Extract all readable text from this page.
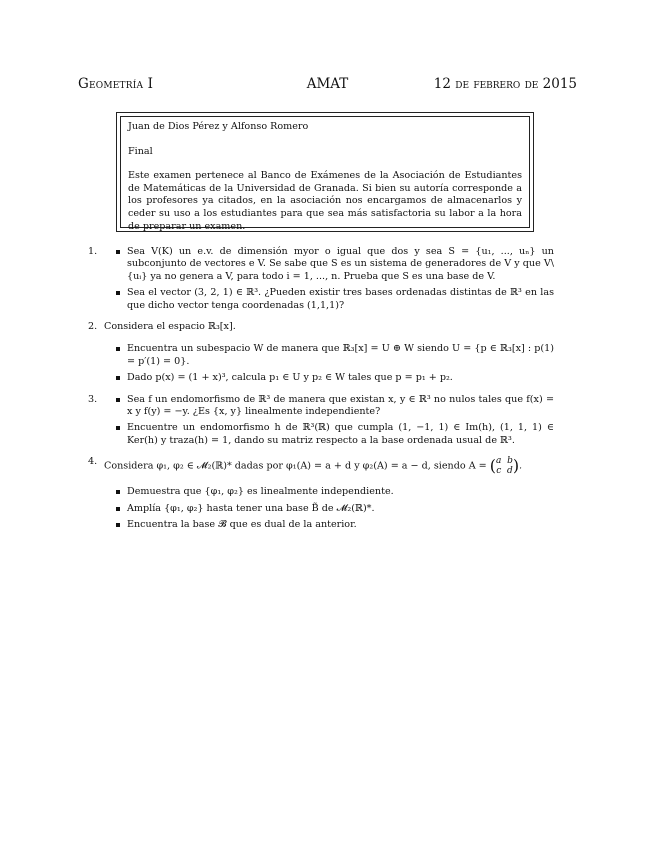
Geometría I	AMAT	12 de febrero de 2015

Juan de Dios Pérez y Alfonso Romero

Final

Este examen pertenece al Banco de Exámenes de la Asociación de Estudiantes de Matemáticas de la Universidad de Granada. Si bien su autoría corresponde a los profesores ya citados, en la asociación nos encargamos de almacenarlos y ceder su uso a los estudiantes para que sea más satisfactoria su labor a la hora de preparar un examen.

1.	Sea V(K) un e.v. de dimensión myor o igual que dos y sea S = {u₁, ..., uₙ} un subconjunto de vectores e V. Se sabe que S es un sistema de generadores de V y que V\{uᵢ} ya no genera a V, para todo i = 1, ..., n. Prueba que S es una base de V.
Sea el vector (3, 2, 1) ∈ ℝ³. ¿Pueden existir tres bases ordenadas distintas de ℝ³ en las que dicho vector tenga coordenadas (1,1,1)?
2. Considera el espacio ℝ₃[x].
Encuentra un subespacio W de manera que ℝ₃[x] = U ⊕ W siendo U = {p ∈ ℝ₃[x] : p(1) = p′(1) = 0}.
Dado p(x) = (1 + x)³, calcula p₁ ∈ U y p₂ ∈ W tales que p = p₁ + p₂.
3.	Sea f un endomorfismo de ℝ³ de manera que existan x, y ∈ ℝ³ no nulos tales que f(x) = x y f(y) = −y. ¿Es {x, y} linealmente independiente?
Encuentre un endomorfismo h de ℝ³(ℝ) que cumpla (1, −1, 1) ∈ Im(h), (1, 1, 1) ∈ Ker(h) y traza(h) = 1, dando su matriz respecto a la base ordenada usual de ℝ³.
4. Considera φ₁, φ₂ ∈ 𝓜₂(ℝ)* dadas por φ₁(A) = a + d y φ₂(A) = a − d, siendo A = (a b
c d).
Demuestra que {φ₁, φ₂} es linealmente independiente.
Amplía {φ₁, φ₂} hasta tener una base B̃ de 𝓜₂(ℝ)*.
Encuentra la base 𝓑 que es dual de la anterior.
